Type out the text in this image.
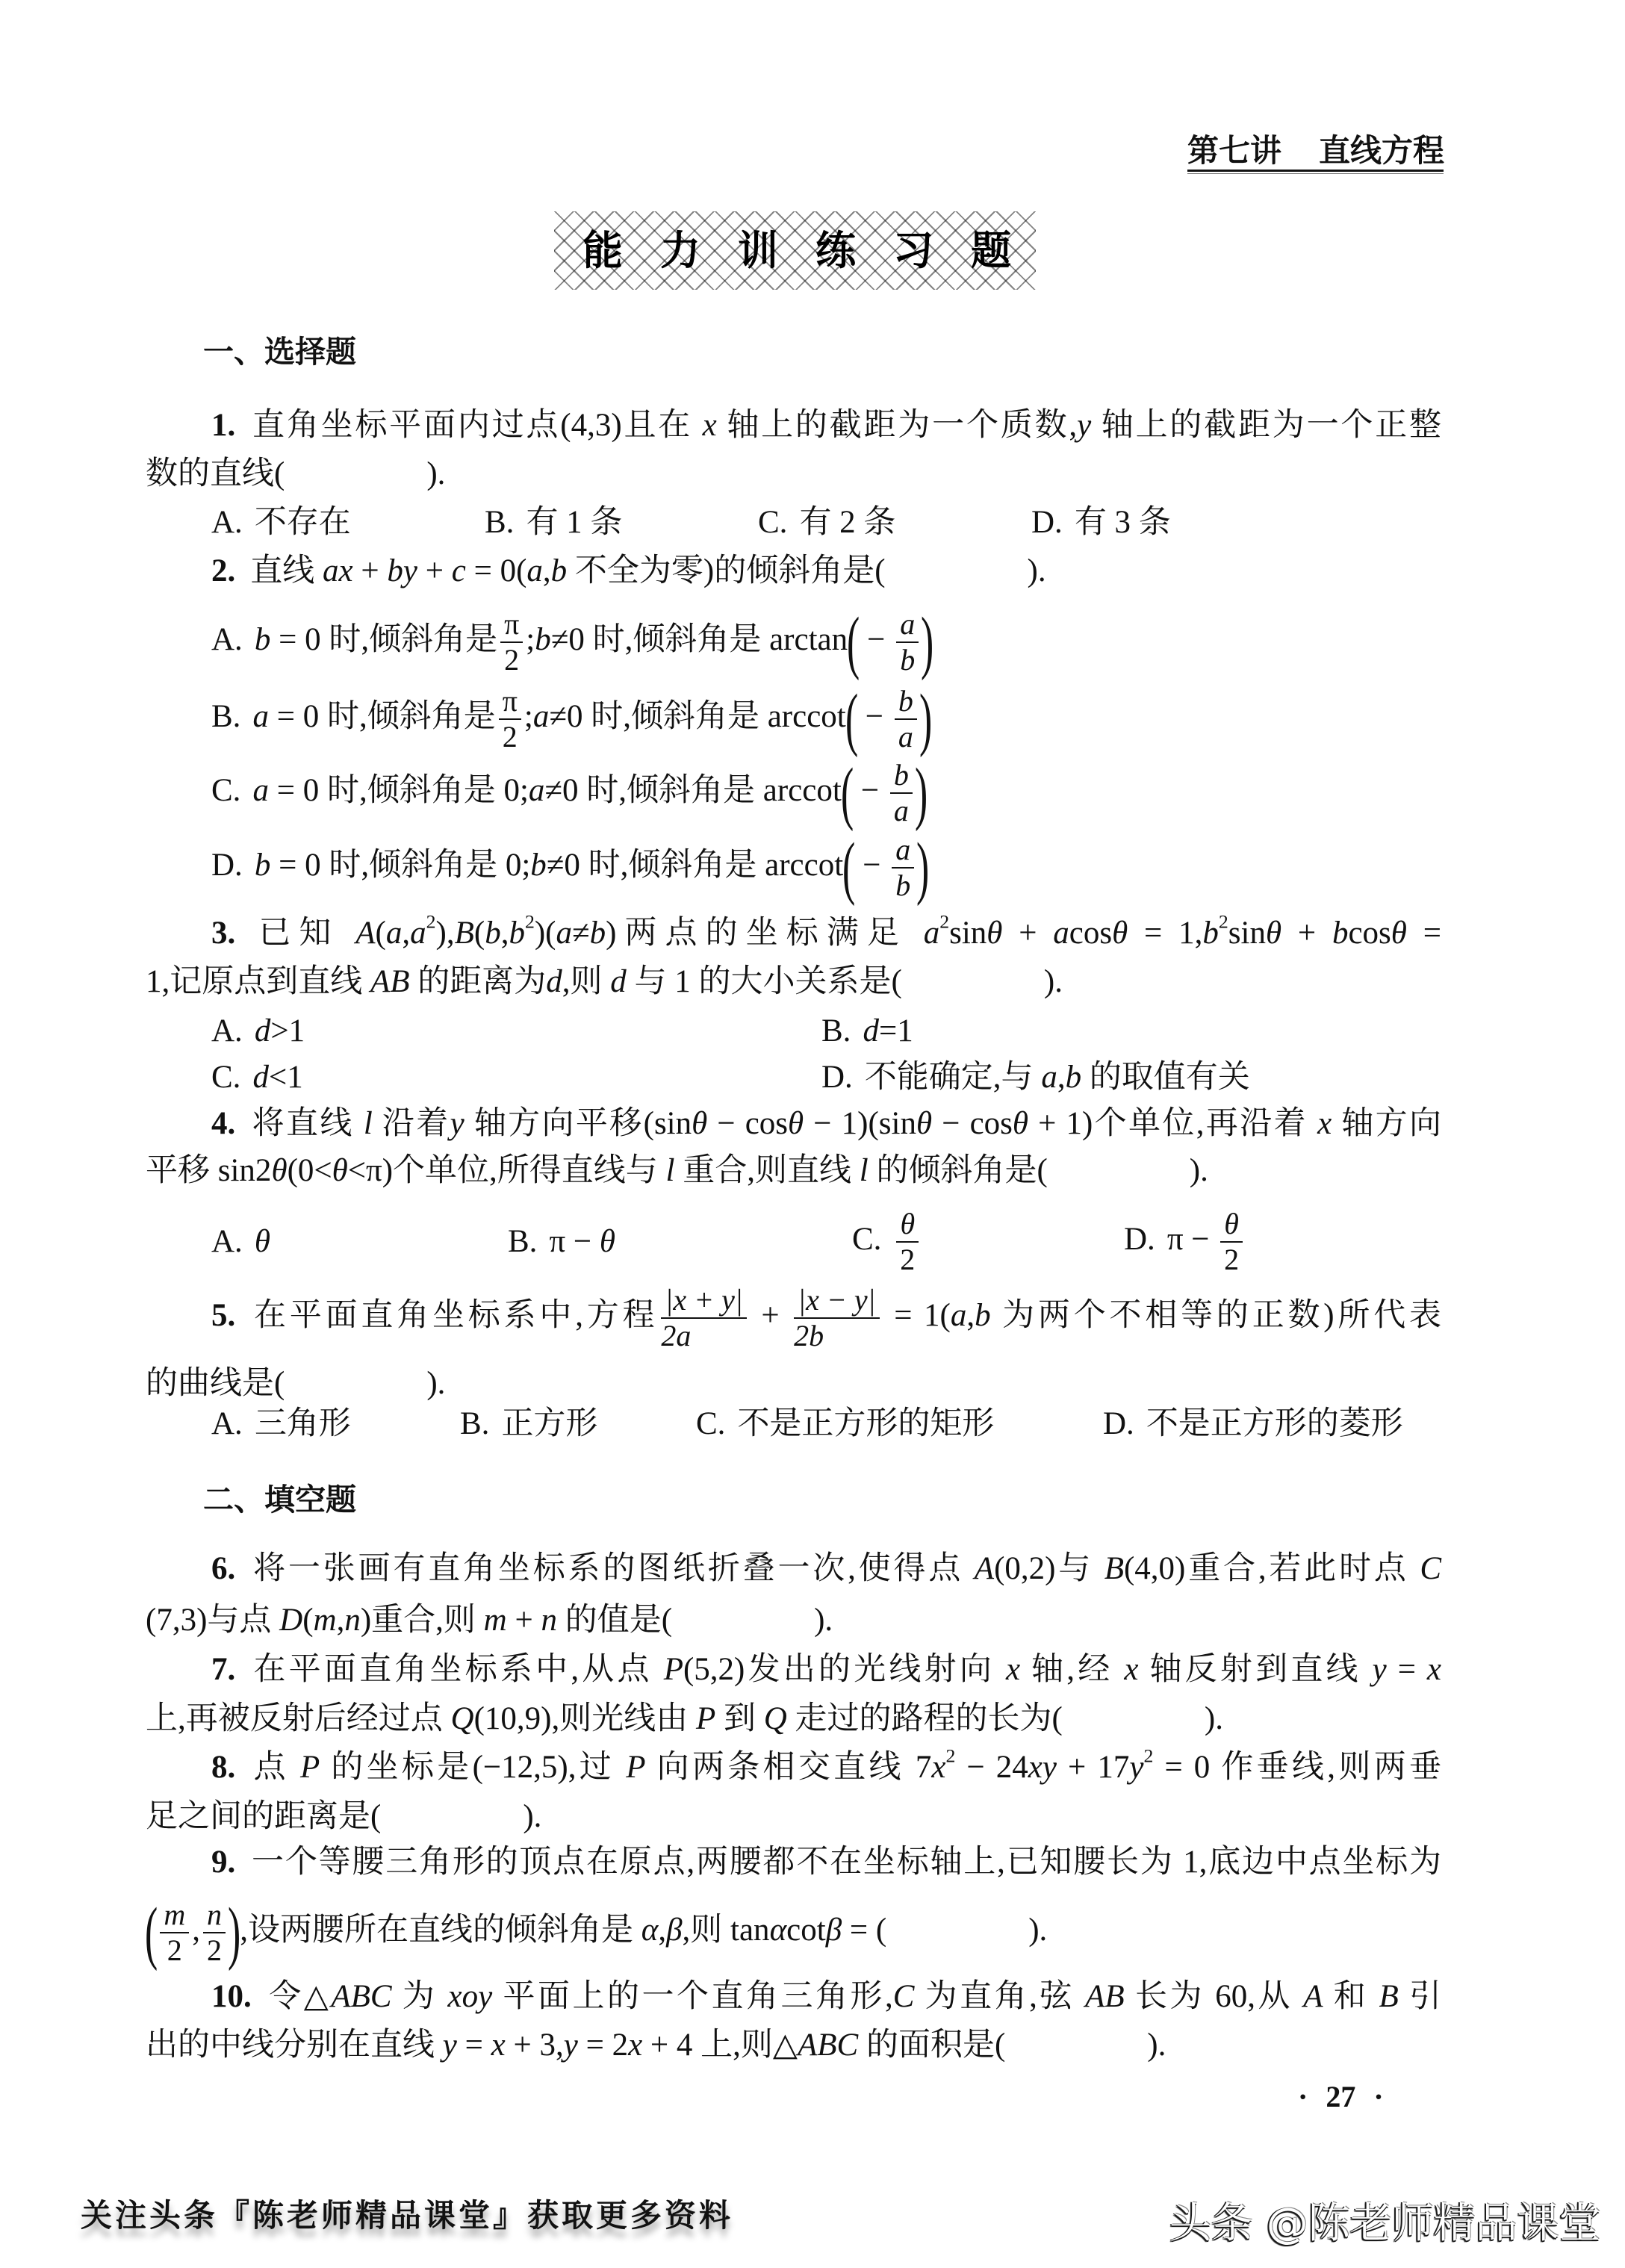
第七讲 直线方程
能力训练习题
一、选择题
1. 直角坐标平面内过点(4,3)且在 x 轴上的截距为一个质数,y 轴上的截距为一个正整
数的直线(	).
A. 不存在	B. 有 1 条	C. 有 2 条	D. 有 3 条
2. 直线 ax + by + c = 0(a,b 不全为零)的倾斜角是(	).
A. b = 0 时,倾斜角是 $\frac{\pi}{2}$ ;b≠0 时,倾斜角是 $\arctan( - \frac{a}{b}$ )
B. a = 0 时,倾斜角是 $\frac{\pi}{2}$ ;a≠0 时,倾斜角是 $arccot( - \frac{b}{a}$ )
C. a = 0 时,倾斜角是 0;a≠0 时,倾斜角是 $arccot( - \frac{b}{a}$ )
D. b = 0 时,倾斜角是 0;b≠0 时,倾斜角是 $arccot( - \frac{a}{b}$ )
3. 已知 $A(a,a^2),B(b,b^2)(a\ne b)$两点的坐标满足 $a^2\sin\theta + acos\theta = 1,b^2\sin\theta + bcos\theta$ =
1,记原点到直线 AB 的距离为d,则 d 与 1 的大小关系是(	).
A. d>1	B. d=1
C. d<1	D. 不能确定,与 a,b 的取值有关
4. 将直线 l 沿着y 轴方向平移(sinθ − cosθ − 1)(sinθ − cosθ + 1)个单位,再沿着 x 轴方向
平移 sin2θ(0<θ<π)个单位,所得直线与 l 重合,则直线 l 的倾斜角是(	).
A. θ	B. π − θ	C. $\frac{\theta}{2}$	D. $\pi - \frac{\theta}{2}$
5. 在平面直角坐标系中,方程 $\frac{|x + y|}{2a} + \frac{|x - y|}{2b} = 1(a,b$ 为两个不相等的正数)所代表
的曲线是(	).
A. 三角形	B. 正方形	C. 不是正方形的矩形	D. 不是正方形的菱形
二、填空题
6. 将一张画有直角坐标系的图纸折叠一次,使得点 A(0,2)与 B(4,0)重合,若此时点 C
(7,3)与点 D(m,n)重合,则 m + n 的值是(	).
7. 在平面直角坐标系中,从点 P(5,2)发出的光线射向 x 轴,经 x 轴反射到直线 y = x
上,再被反射后经过点 Q(10,9),则光线由 P 到 Q 走过的路程的长为(	).
8. 点 P 的坐标是(−12,5),过 P 向两条相交直线 $7x^2 - 24xy + 17y^2 = 0$ 作垂线,则两垂
足之间的距离是(	).
9. 一个等腰三角形的顶点在原点,两腰都不在坐标轴上,已知腰长为 1,底边中点坐标为
( $\frac{m}{2}$ , $\frac{n}{2}$ ),设两腰所在直线的倾斜角是 α,β,则 tanαcotβ = (	).
10. 令△ABC 为 xoy 平面上的一个直角三角形,C 为直角,弦 AB 长为 60,从 A 和 B 引
出的中线分别在直线 y = x + 3,y = 2x + 4 上,则△ABC 的面积是(	).
· 27 ·
关注头条『陈老师精品课堂』获取更多资料	头条 @陈老师精品课堂
